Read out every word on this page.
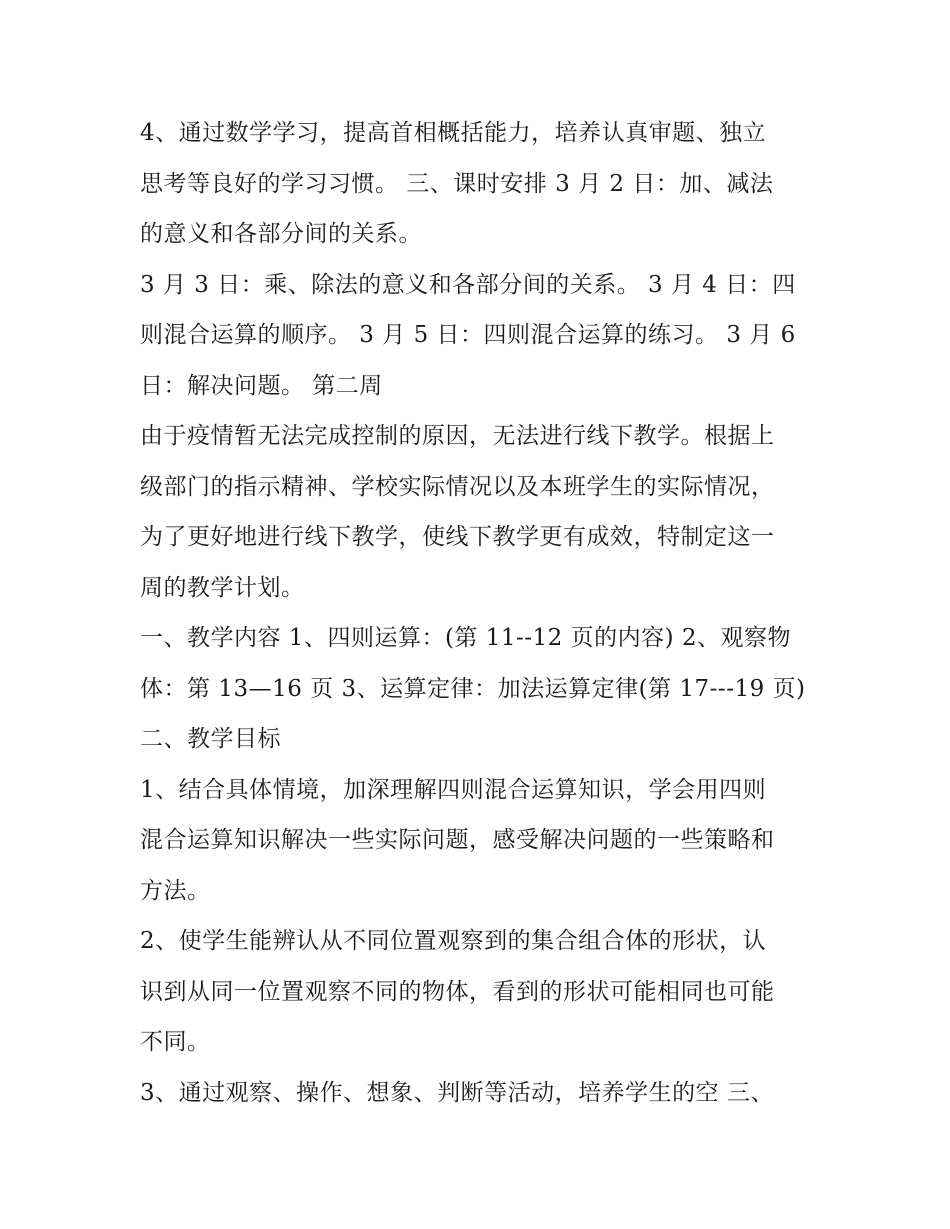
4、通过数学学习，提高首相概括能力，培养认真审题、独立
思考等良好的学习习惯。 三、课时安排 3 月 2 日：加、减法
的意义和各部分间的关系。

3 月 3 日：乘、除法的意义和各部分间的关系。 3 月 4 日：四
则混合运算的顺序。 3 月 5 日：四则混合运算的练习。 3 月 6
日：解决问题。 第二周

由于疫情暂无法完成控制的原因，无法进行线下教学。根据上
级部门的指示精神、学校实际情况以及本班学生的实际情况，
为了更好地进行线下教学，使线下教学更有成效，特制定这一
周的教学计划。

一、教学内容 1、四则运算：(第 11--12 页的内容) 2、观察物
体：第 13—16 页 3、运算定律：加法运算定律(第 17---19 页)

二、教学目标

1、结合具体情境，加深理解四则混合运算知识，学会用四则
混合运算知识解决一些实际问题，感受解决问题的一些策略和
方法。

2、使学生能辨认从不同位置观察到的集合组合体的形状，认
识到从同一位置观察不同的物体，看到的形状可能相同也可能
不同。

3、通过观察、操作、想象、判断等活动，培养学生的空 三、
